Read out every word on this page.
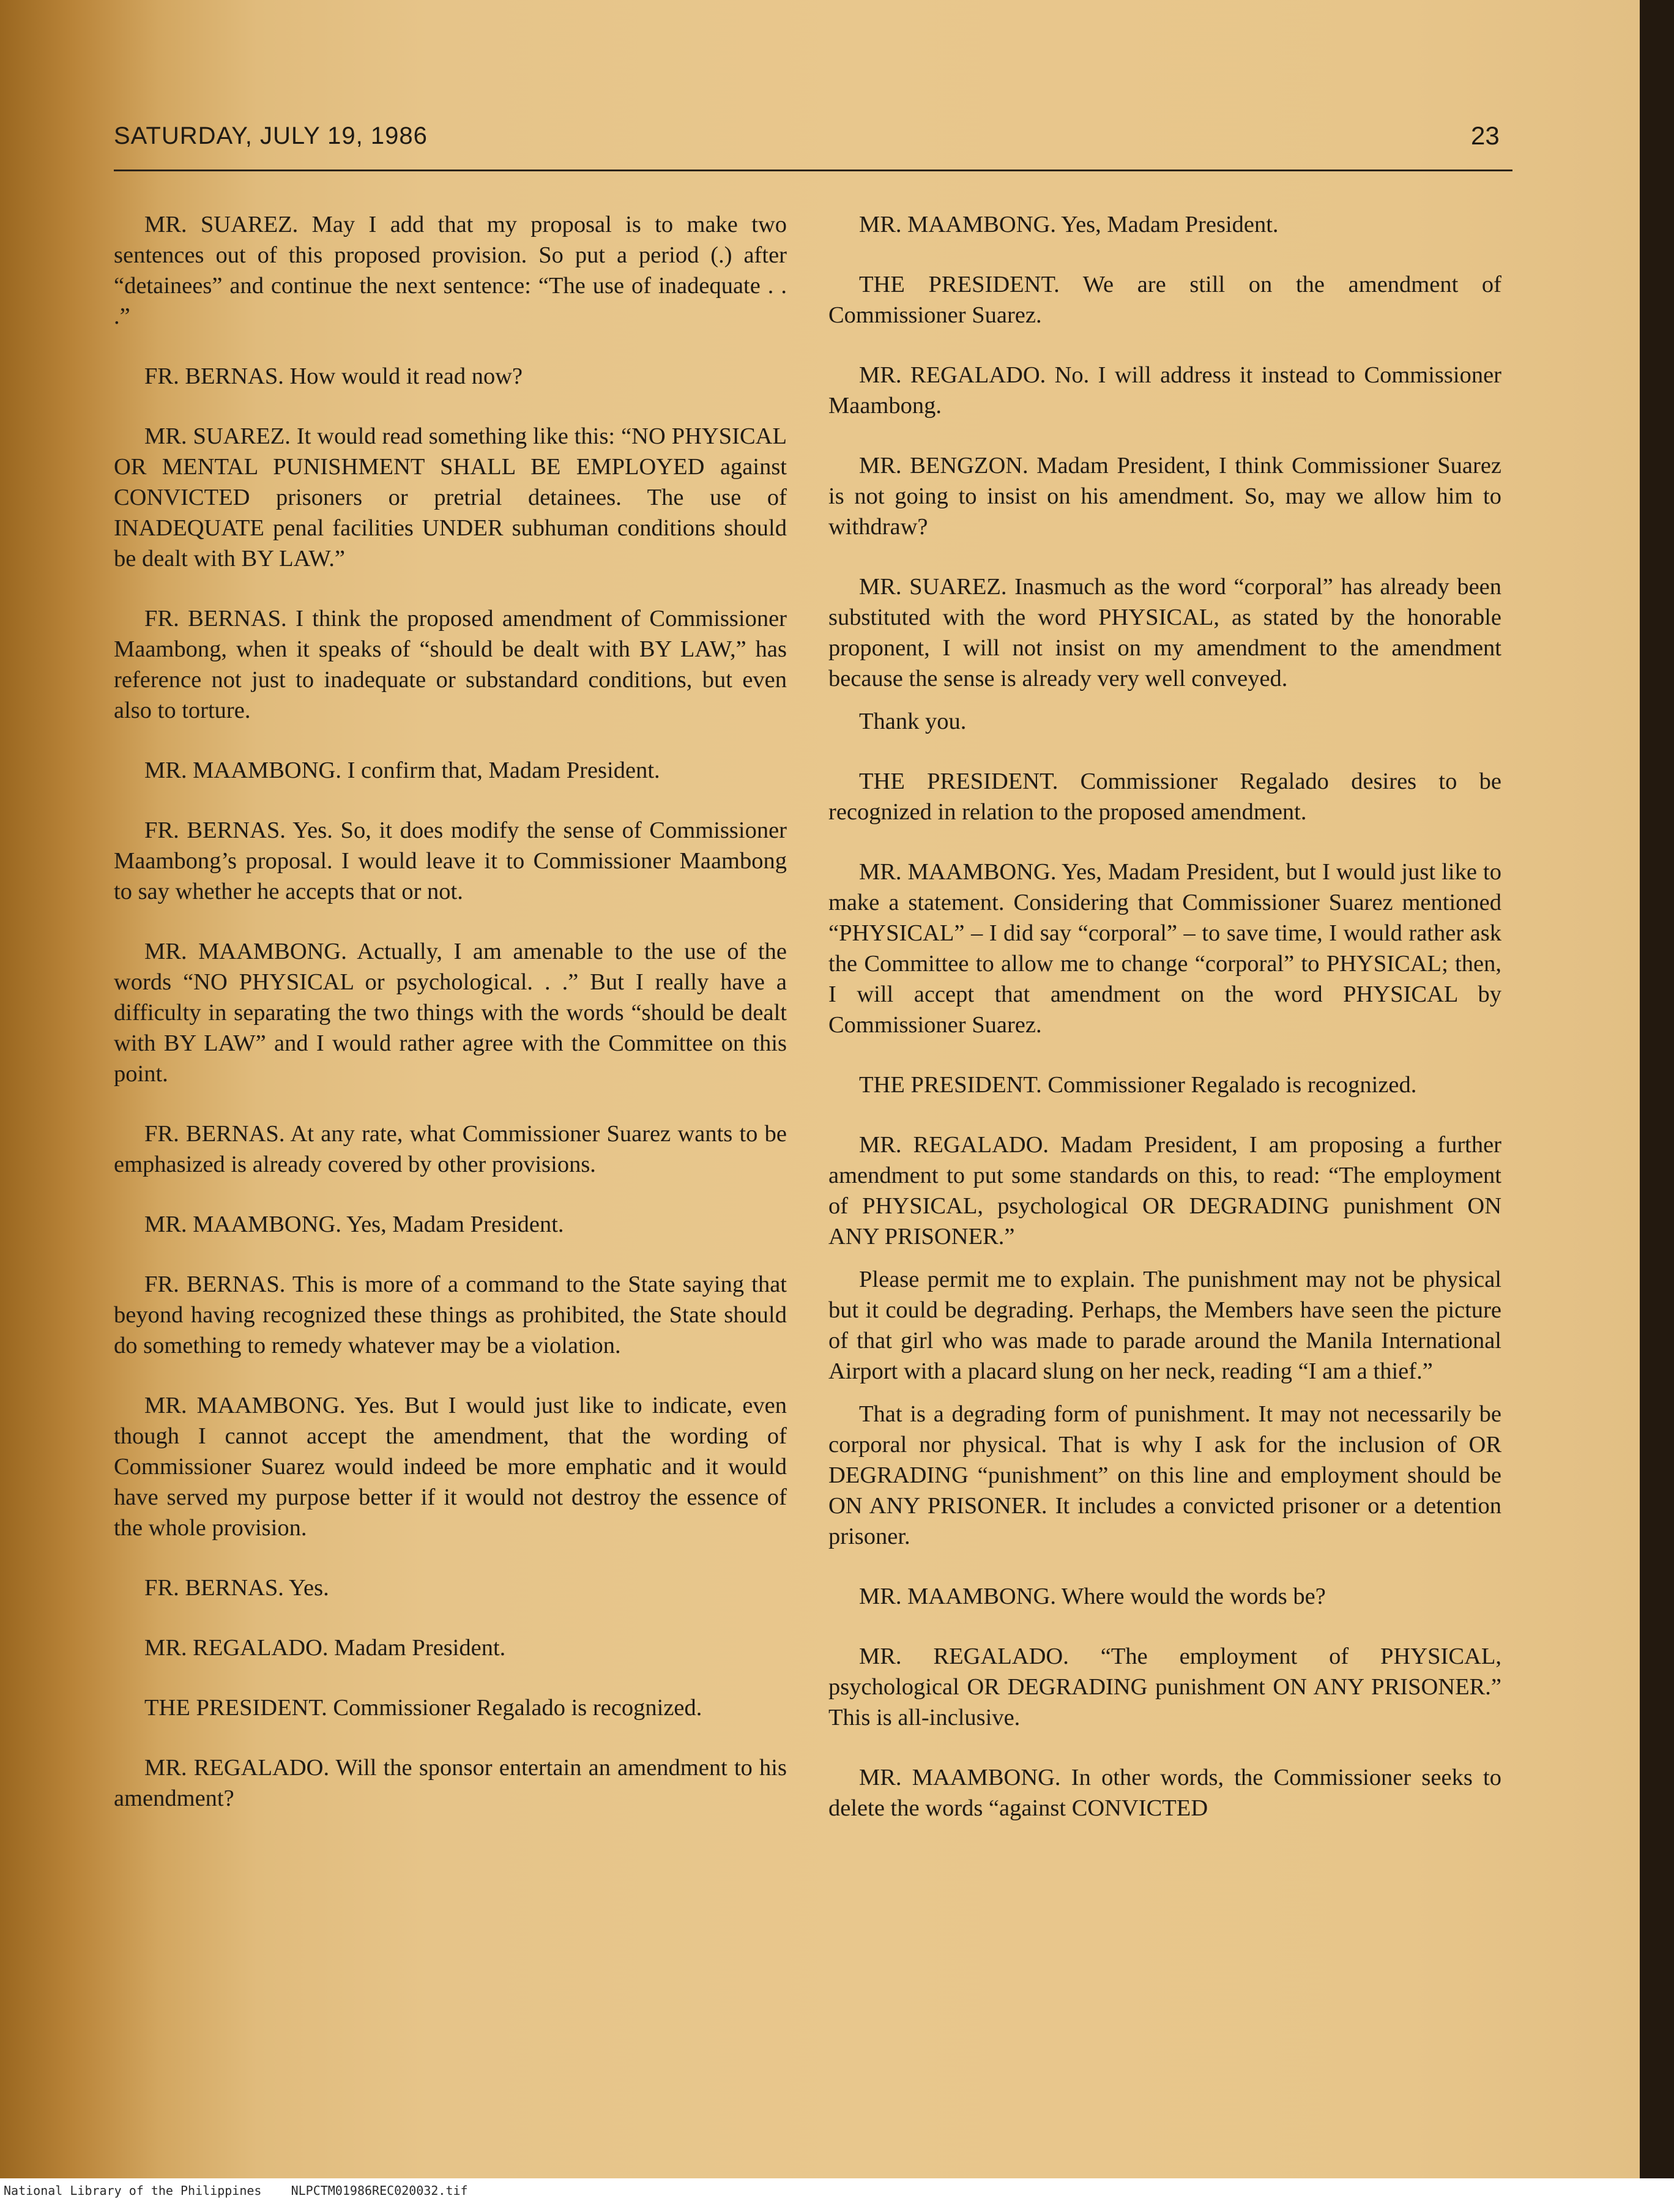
SATURDAY, JULY 19, 1986	23

MR. SUAREZ. May I add that my proposal is to make two sentences out of this proposed provision. So put a period (.) after “detainees” and continue the next sentence: “The use of inadequate . . .”

FR. BERNAS. How would it read now?

MR. SUAREZ. It would read something like this: “NO PHYSICAL OR MENTAL PUNISHMENT SHALL BE EMPLOYED against CONVICTED prisoners or pretrial detainees. The use of INADEQUATE penal facilities UNDER subhuman conditions should be dealt with BY LAW.”

FR. BERNAS. I think the proposed amendment of Commissioner Maambong, when it speaks of “should be dealt with BY LAW,” has reference not just to inadequate or substandard conditions, but even also to torture.

MR. MAAMBONG. I confirm that, Madam President.

FR. BERNAS. Yes. So, it does modify the sense of Commissioner Maambong’s proposal. I would leave it to Commissioner Maambong to say whether he accepts that or not.

MR. MAAMBONG. Actually, I am amenable to the use of the words “NO PHYSICAL or psychological. . .” But I really have a difficulty in separating the two things with the words “should be dealt with BY LAW” and I would rather agree with the Committee on this point.

FR. BERNAS. At any rate, what Commissioner Suarez wants to be emphasized is already covered by other provisions.

MR. MAAMBONG. Yes, Madam President.

FR. BERNAS. This is more of a command to the State saying that beyond having recognized these things as prohibited, the State should do something to remedy whatever may be a violation.

MR. MAAMBONG. Yes. But I would just like to indicate, even though I cannot accept the amendment, that the wording of Commissioner Suarez would indeed be more emphatic and it would have served my purpose better if it would not destroy the essence of the whole provision.

FR. BERNAS. Yes.

MR. REGALADO. Madam President.

THE PRESIDENT. Commissioner Regalado is recognized.

MR. REGALADO. Will the sponsor entertain an amendment to his amendment?

MR. MAAMBONG. Yes, Madam President.

THE PRESIDENT. We are still on the amendment of Commissioner Suarez.

MR. REGALADO. No. I will address it instead to Commissioner Maambong.

MR. BENGZON. Madam President, I think Commissioner Suarez is not going to insist on his amendment. So, may we allow him to withdraw?

MR. SUAREZ. Inasmuch as the word “corporal” has already been substituted with the word PHYSICAL, as stated by the honorable proponent, I will not insist on my amendment to the amendment because the sense is already very well conveyed.

Thank you.

THE PRESIDENT. Commissioner Regalado desires to be recognized in relation to the proposed amendment.

MR. MAAMBONG. Yes, Madam President, but I would just like to make a statement. Considering that Commissioner Suarez mentioned “PHYSICAL” – I did say “corporal” – to save time, I would rather ask the Committee to allow me to change “corporal” to PHYSICAL; then, I will accept that amendment on the word PHYSICAL by Commissioner Suarez.

THE PRESIDENT. Commissioner Regalado is recognized.

MR. REGALADO. Madam President, I am proposing a further amendment to put some standards on this, to read: “The employment of PHYSICAL, psychological OR DEGRADING punishment ON ANY PRISONER.”

Please permit me to explain. The punishment may not be physical but it could be degrading. Perhaps, the Members have seen the picture of that girl who was made to parade around the Manila International Airport with a placard slung on her neck, reading “I am a thief.”

That is a degrading form of punishment. It may not necessarily be corporal nor physical. That is why I ask for the inclusion of OR DEGRADING “punishment” on this line and employment should be ON ANY PRISONER. It includes a convicted prisoner or a detention prisoner.

MR. MAAMBONG. Where would the words be?

MR. REGALADO. “The employment of PHYSICAL, psychological OR DEGRADING punishment ON ANY PRISONER.” This is all-inclusive.

MR. MAAMBONG. In other words, the Commissioner seeks to delete the words “against CONVICTED

National Library of the Philippines    NLPCTM01986REC020032.tif
